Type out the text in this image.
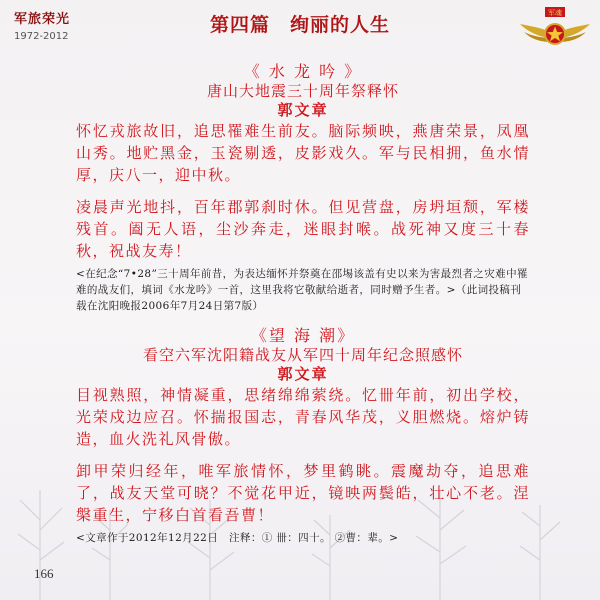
军旅荣光
1972-2012
第四篇　绚丽的人生
军魂
《 水 龙 吟 》
唐山大地震三十周年祭释怀
郭文章

怀忆戎旅故旧，追思罹难生前友。脑际频映，燕唐荣景，凤凰山秀。地贮黑金，玉瓷剔透，皮影戏久。军与民相拥，鱼水情厚，庆八一，迎中秋。

凌晨声光地抖，百年郡郭刹时休。但见营盘，房坍垣颓，军楼残首。阖无人语，尘沙奔走，迷眼封喉。战死神又度三十春秋，祝战友寿！

<在纪念“7•28”三十周年前昔，为表达缅怀并祭奠在邵埸该盖有史以来为害最烈者之灾难中罹难的战友们，填词《水龙吟》一首，这里我将它敬献给逝者，同时赠予生者。>（此词投稿刊载在沈阳晚报2006年7月24日第7版）

《望 海 潮》
看空六军沈阳籍战友从军四十周年纪念照感怀
郭文章

目视熟照，神情凝重，思绪绵绵萦绕。忆卌年前，初出学校，光荣戍边应召。怀揣报国志，青春风华茂，义胆燃烧。熔炉铸造，血火洗礼风骨傲。

卸甲荣归经年，唯军旅情怀，梦里鹤眺。震魔劫夺，追思难了，战友天堂可晓？不觉花甲近，镜映两鬓皓，壮心不老。涅槃重生，宁移白首看吾曹！

<文章作于2012年12月22日　注释：① 卌：四十。 ②曹：辈。>

166
